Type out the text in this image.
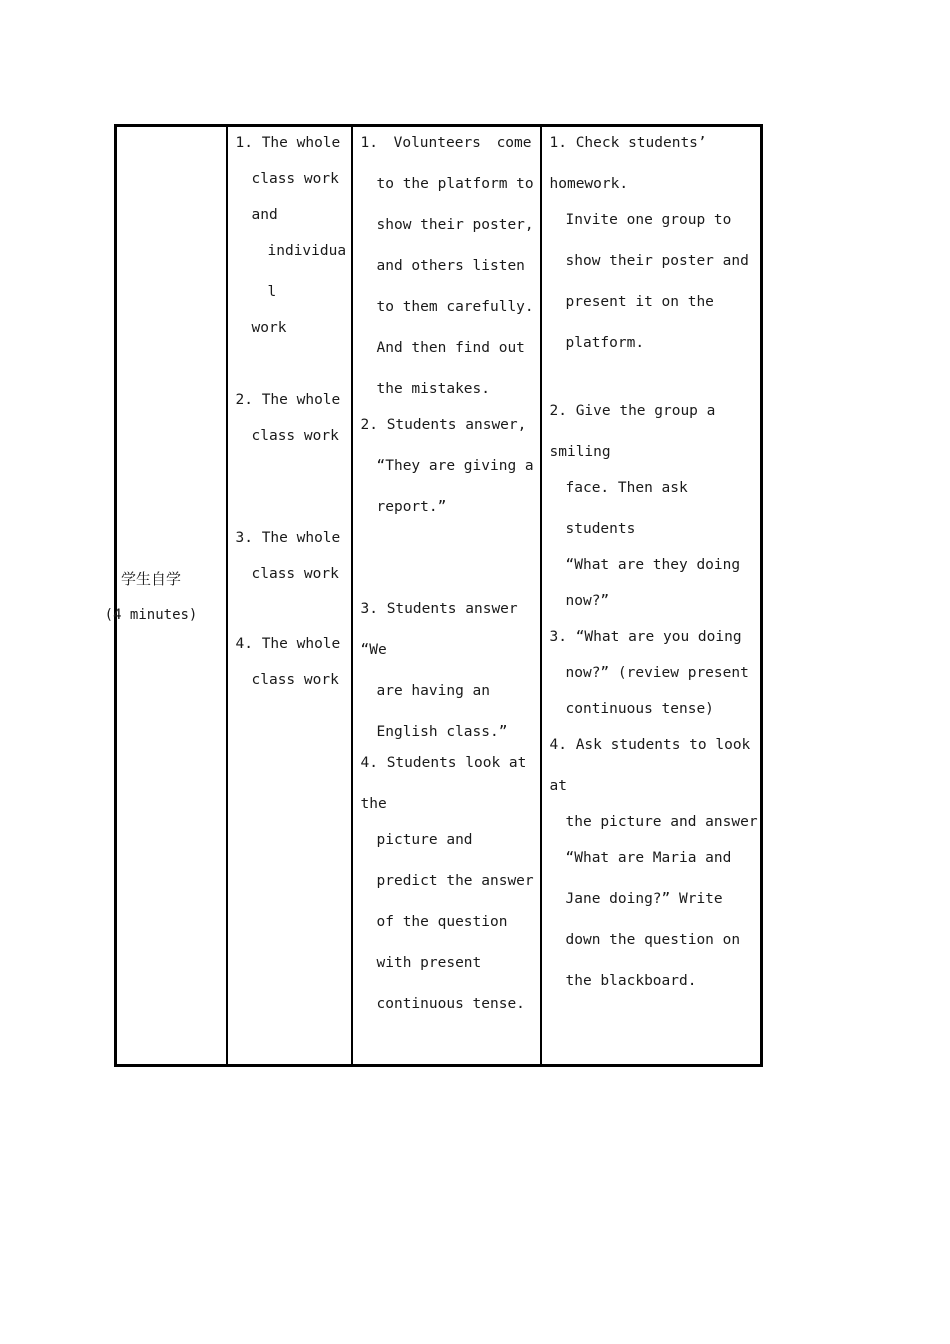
学生自学
(4 minutes)

1. The whole
class work
and
individua
l
work
2. The whole
class work
3. The whole
class work
4. The whole
class work

1. Volunteers come
to the platform to
show their poster,
and others listen
to them carefully.
And then find out
the mistakes.
2. Students answer,
“They are giving a
report.”
3. Students answer
“We
are having an
English class.”
4. Students look at
the
picture and
predict the answer
of the question
with present
continuous tense.

1. Check students’
homework.
Invite one group to
show their poster and
present it on the
platform.
2. Give the group a
smiling
face. Then ask
students
“What are they doing
now?”
3. “What are you doing
now?” (review present
continuous tense)
4. Ask students to look
at
the picture and answer
“What are Maria and
Jane doing?” Write
down the question on
the blackboard.
